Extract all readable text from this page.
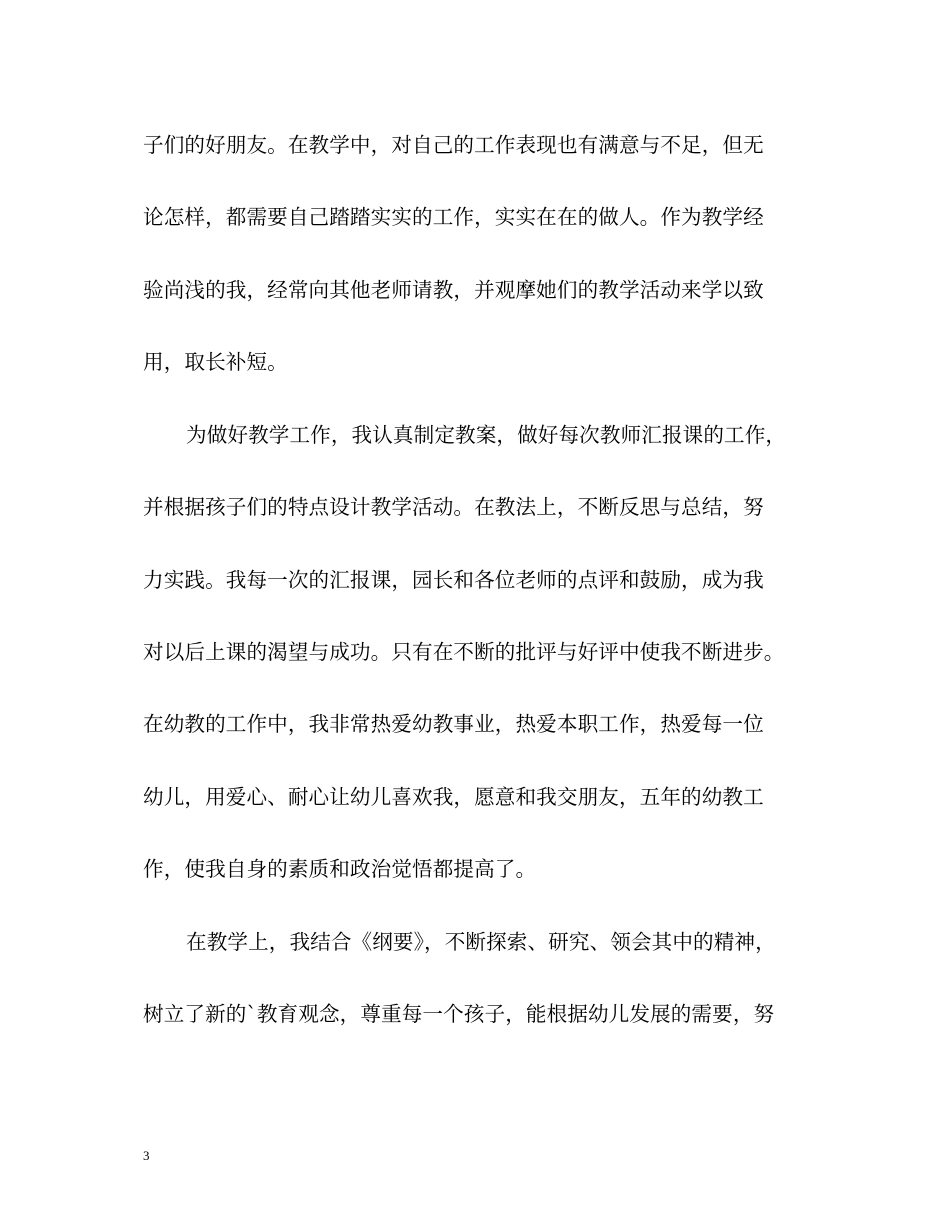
子们的好朋友。在教学中，对自己的工作表现也有满意与不足，但无
论怎样，都需要自己踏踏实实的工作，实实在在的做人。作为教学经
验尚浅的我，经常向其他老师请教，并观摩她们的教学活动来学以致
用，取长补短。
为做好教学工作，我认真制定教案，做好每次教师汇报课的工作，
并根据孩子们的特点设计教学活动。在教法上，不断反思与总结，努
力实践。我每一次的汇报课，园长和各位老师的点评和鼓励，成为我
对以后上课的渴望与成功。只有在不断的批评与好评中使我不断进步。
在幼教的工作中，我非常热爱幼教事业，热爱本职工作，热爱每一位
幼儿，用爱心、耐心让幼儿喜欢我，愿意和我交朋友，五年的幼教工
作，使我自身的素质和政治觉悟都提高了。
在教学上，我结合《纲要》，不断探索、研究、领会其中的精神，
树立了新的`教育观念，尊重每一个孩子，能根据幼儿发展的需要，努
3
